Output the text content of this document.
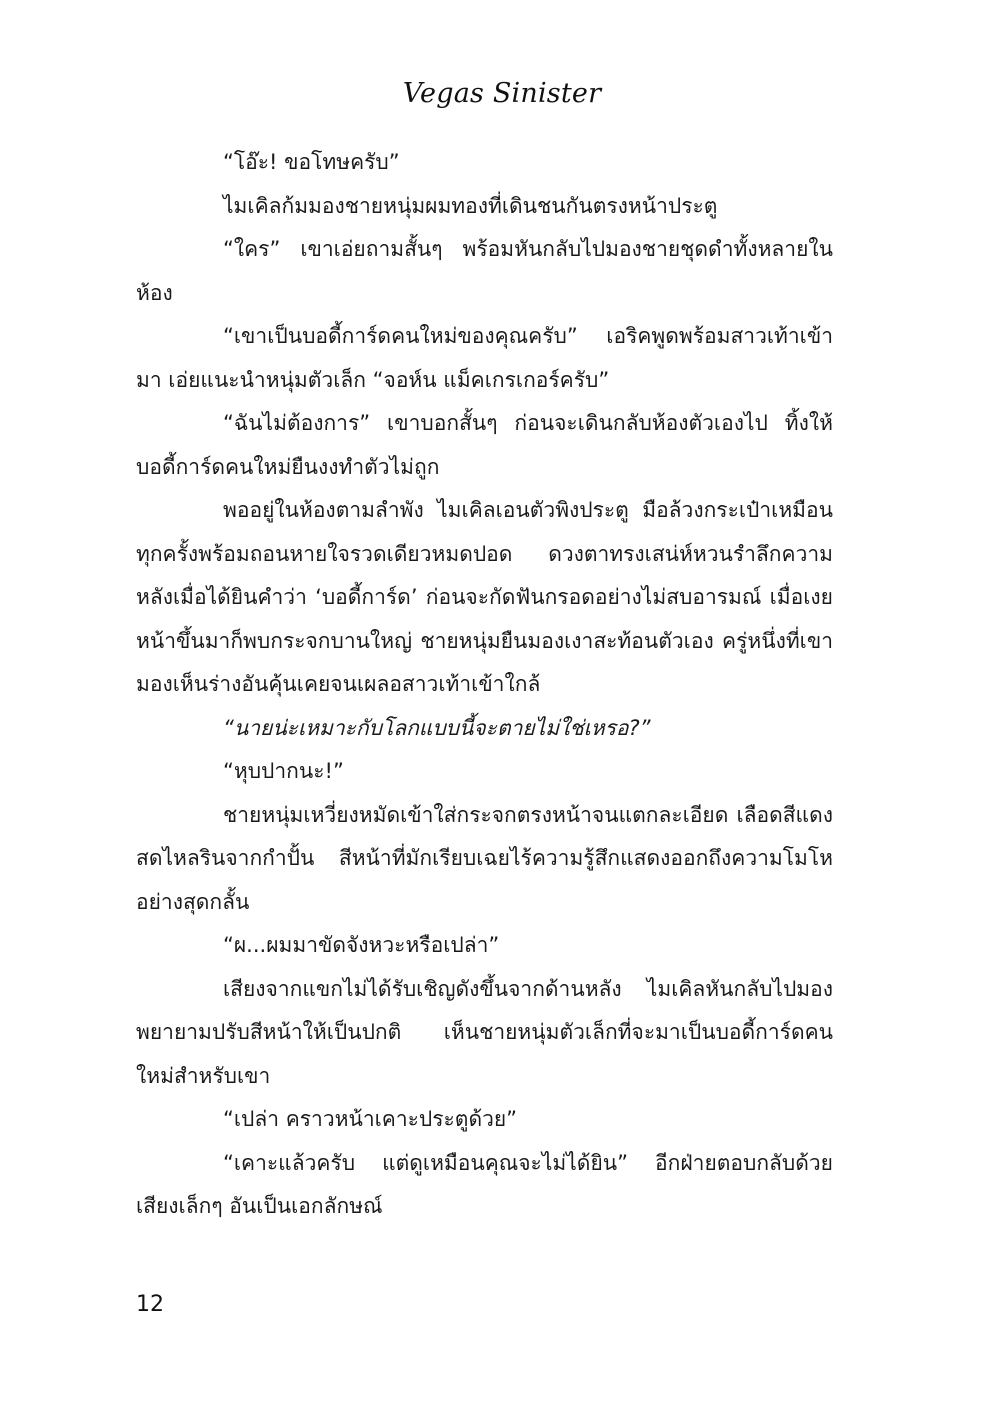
Vegas Sinister

“โอ๊ะ! ขอโทษครับ”

ไมเคิลก้มมองชายหนุ่มผมทองที่เดินชนกันตรงหน้าประตู

“ใคร” เขาเอ่ยถามสั้นๆ พร้อมหันกลับไปมองชายชุดดำทั้งหลายในห้อง

“เขาเป็นบอดี้การ์ดคนใหม่ของคุณครับ” เอริคพูดพร้อมสาวเท้าเข้ามา เอ่ยแนะนำหนุ่มตัวเล็ก “จอห์น แม็คเกรเกอร์ครับ”

“ฉันไม่ต้องการ” เขาบอกสั้นๆ ก่อนจะเดินกลับห้องตัวเองไป ทิ้งให้บอดี้การ์ดคนใหม่ยืนงงทำตัวไม่ถูก

พออยู่ในห้องตามลำพัง ไมเคิลเอนตัวพิงประตู มือล้วงกระเป๋าเหมือนทุกครั้งพร้อมถอนหายใจรวดเดียวหมดปอด ดวงตาทรงเสน่ห์หวนรำลึกความหลังเมื่อได้ยินคำว่า ‘บอดี้การ์ด’ ก่อนจะกัดฟันกรอดอย่างไม่สบอารมณ์ เมื่อเงยหน้าขึ้นมาก็พบกระจกบานใหญ่ ชายหนุ่มยืนมองเงาสะท้อนตัวเอง ครู่หนึ่งที่เขามองเห็นร่างอันคุ้นเคยจนเผลอสาวเท้าเข้าใกล้

“นายน่ะเหมาะกับโลกแบบนี้จะตายไม่ใช่เหรอ?”

“หุบปากนะ!”

ชายหนุ่มเหวี่ยงหมัดเข้าใส่กระจกตรงหน้าจนแตกละเอียด เลือดสีแดงสดไหลรินจากกำปั้น สีหน้าที่มักเรียบเฉยไร้ความรู้สึกแสดงออกถึงความโมโหอย่างสุดกลั้น

“ผ...ผมมาขัดจังหวะหรือเปล่า”

เสียงจากแขกไม่ได้รับเชิญดังขึ้นจากด้านหลัง ไมเคิลหันกลับไปมองพยายามปรับสีหน้าให้เป็นปกติ เห็นชายหนุ่มตัวเล็กที่จะมาเป็นบอดี้การ์ดคนใหม่สำหรับเขา

“เปล่า คราวหน้าเคาะประตูด้วย”

“เคาะแล้วครับ แต่ดูเหมือนคุณจะไม่ได้ยิน” อีกฝ่ายตอบกลับด้วยเสียงเล็กๆ อันเป็นเอกลักษณ์

12
